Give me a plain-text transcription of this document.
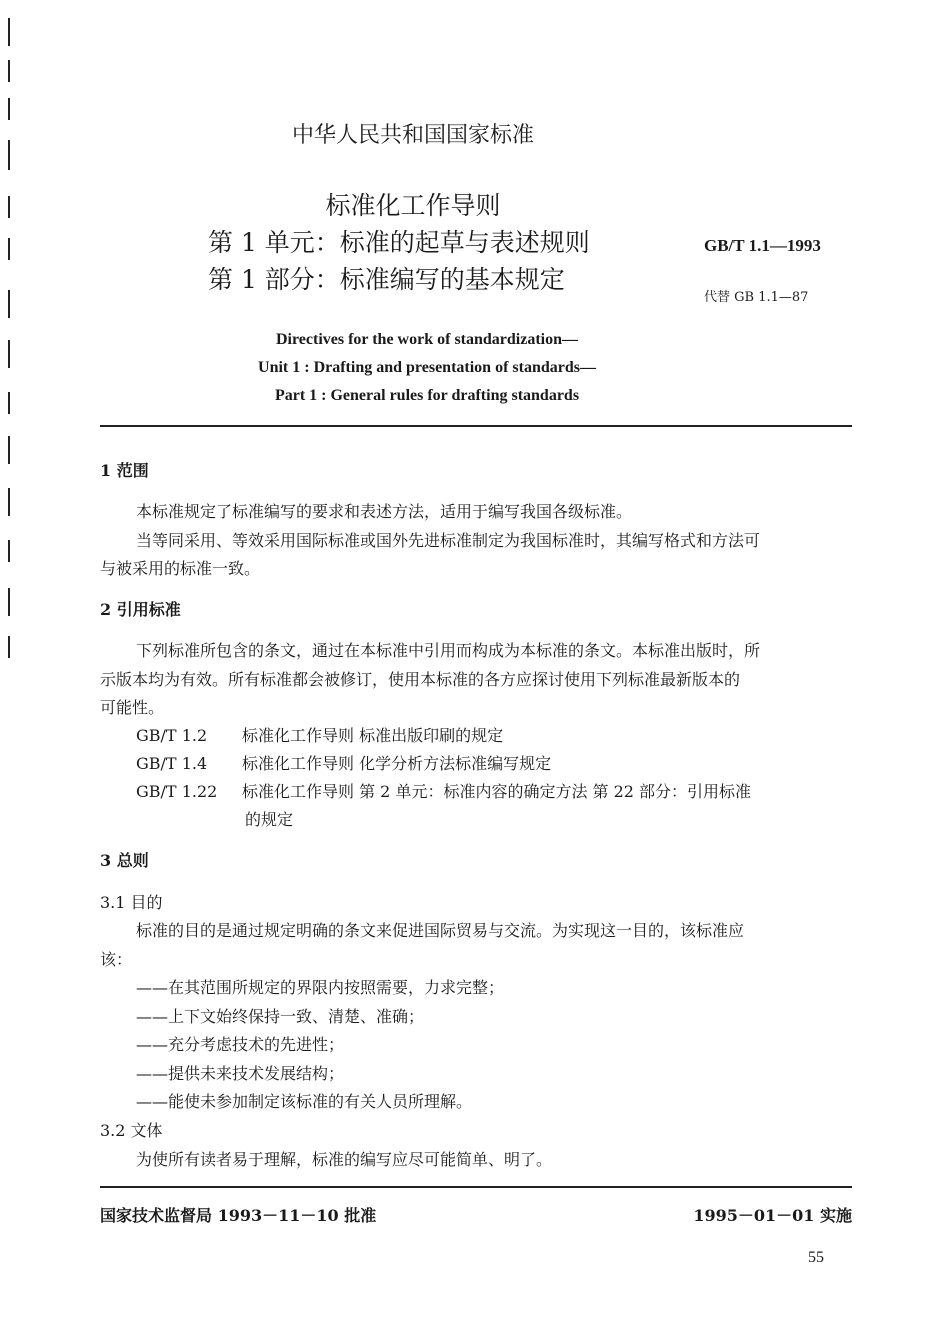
中华人民共和国国家标准
标准化工作导则
第 1 单元：标准的起草与表述规则
第 1 部分：标准编写的基本规定
GB/T 1.1—1993
代替 GB 1.1—87
Directives for the work of standardization—
Unit 1 : Drafting and presentation of standards—
Part 1 : General rules for drafting standards
1 范围
本标准规定了标准编写的要求和表述方法，适用于编写我国各级标准。
当等同采用、等效采用国际标准或国外先进标准制定为我国标准时，其编写格式和方法可
与被采用的标准一致。
2 引用标准
下列标准所包含的条文，通过在本标准中引用而构成为本标准的条文。本标准出版时，所
示版本均为有效。所有标准都会被修订，使用本标准的各方应探讨使用下列标准最新版本的
可能性。
GB/T 1.2 标准化工作导则 标准出版印刷的规定
GB/T 1.4 标准化工作导则 化学分析方法标准编写规定
GB/T 1.22 标准化工作导则 第 2 单元：标准内容的确定方法 第 22 部分：引用标准
的规定
3 总则
3.1 目的
标准的目的是通过规定明确的条文来促进国际贸易与交流。为实现这一目的，该标准应
该：
——在其范围所规定的界限内按照需要，力求完整；
——上下文始终保持一致、清楚、准确；
——充分考虑技术的先进性；
——提供未来技术发展结构；
——能使未参加制定该标准的有关人员所理解。
3.2 文体
为使所有读者易于理解，标准的编写应尽可能简单、明了。
国家技术监督局 1993－11－10 批准	1995－01－01 实施
55
